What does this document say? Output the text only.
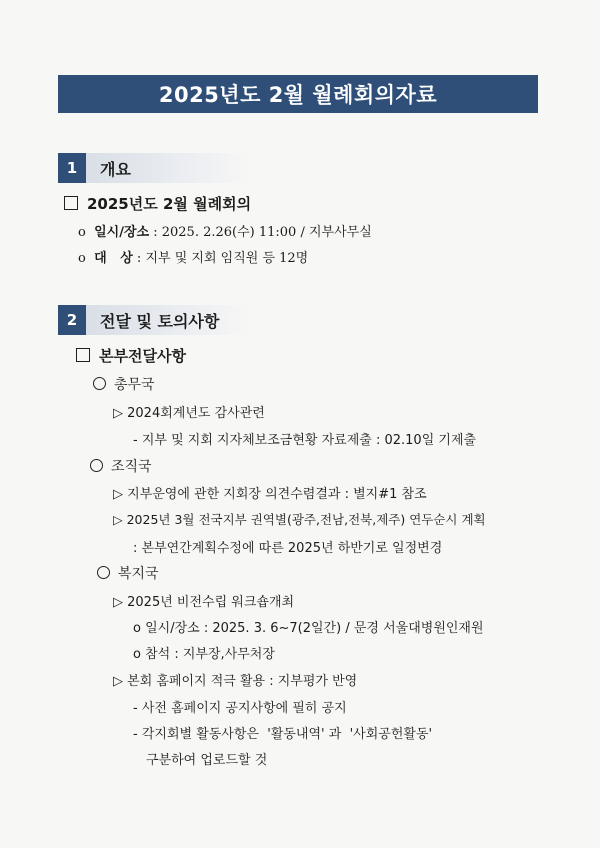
2025년도 2월 월례회의자료
1	개요
2025년도 2월 월례회의
o 일시/장소 : 2025. 2.26(수) 11:00 / 지부사무실
o 대   상 : 지부 및 지회 임직원 등 12명
2	전달 및 토의사항
본부전달사항
총무국
▷ 2024회계년도 감사관련
- 지부 및 지회 지자체보조금현황 자료제출 : 02.10일 기제출
조직국
▷ 지부운영에 관한 지회장 의견수렴결과 : 별지#1 참조
▷ 2025년 3월 전국지부 권역별(광주,전남,전북,제주) 연두순시 계획
: 본부연간계획수정에 따른 2025년 하반기로 일정변경
복지국
▷ 2025년 비전수립 워크숍개최
o 일시/장소 : 2025. 3. 6~7(2일간) / 문경 서울대병원인재원
o 참석 : 지부장,사무처장
▷ 본회 홈페이지 적극 활용 : 지부평가 반영
- 사전 홈페이지 공지사항에 필히 공지
- 각지회별 활동사항은  '활동내역' 과  '사회공헌활동'
구분하여 업로드할 것
